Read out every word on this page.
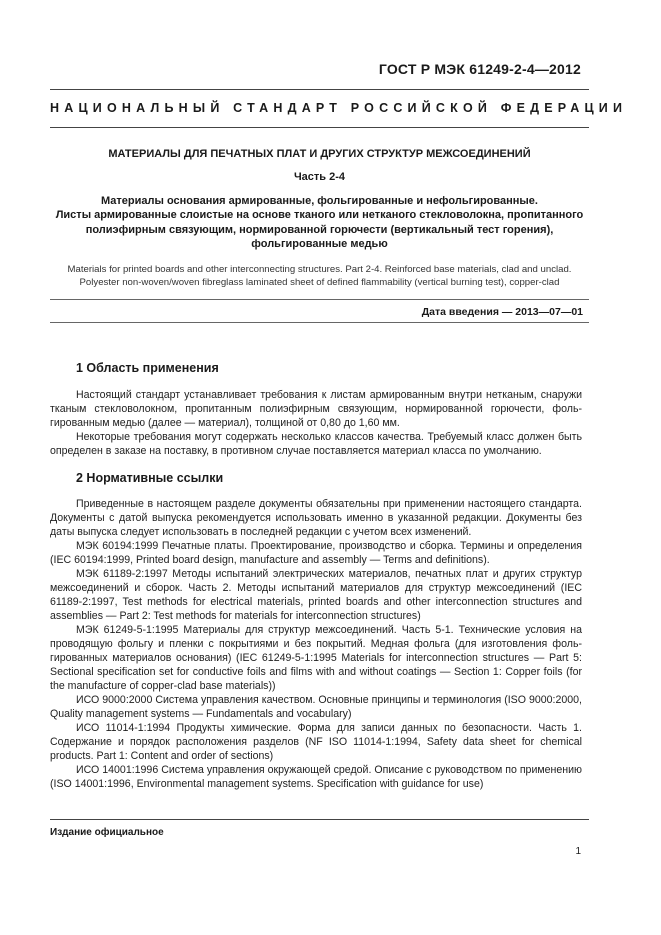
ГОСТ Р МЭК 61249-2-4—2012
НАЦИОНАЛЬНЫЙ СТАНДАРТ РОССИЙСКОЙ ФЕДЕРАЦИИ
МАТЕРИАЛЫ ДЛЯ ПЕЧАТНЫХ ПЛАТ И ДРУГИХ СТРУКТУР МЕЖСОЕДИНЕНИЙ
Часть 2-4
Материалы основания армированные, фольгированные и нефольгированные.
Листы армированные слоистые на основе тканого или нетканого стекловолокна, пропитанного
полиэфирным связующим, нормированной горючести (вертикальный тест горения),
фольгированные медью
Materials for printed boards and other interconnecting structures. Part 2-4. Reinforced base materials, clad and unclad.
Polyester non-woven/woven fibreglass laminated sheet of defined flammability (vertical burning test), copper-clad
Дата введения — 2013—07—01
1 Область применения

Настоящий стандарт устанавливает требования к листам армированным внутри нетканым, снаружи тканым стекловолокном, пропитанным полиэфирным связующим, нормированной горючести, фольгированным медью (далее — материал), толщиной от 0,80 до 1,60 мм.

Некоторые требования могут содержать несколько классов качества. Требуемый класс должен быть определен в заказе на поставку, в противном случае поставляется материал класса по умолчанию.

2 Нормативные ссылки

Приведенные в настоящем разделе документы обязательны при применении настоящего стандарта. Документы с датой выпуска рекомендуется использовать именно в указанной редакции. Документы без даты выпуска следует использовать в последней редакции с учетом всех изменений.

МЭК 60194:1999 Печатные платы. Проектирование, производство и сборка. Термины и определения (IEC 60194:1999, Printed board design, manufacture and assembly — Terms and definitions).

МЭК 61189-2:1997 Методы испытаний электрических материалов, печатных плат и других структур межсоединений и сборок. Часть 2. Методы испытаний материалов для структур межсоединений (IEC 61189-2:1997, Test methods for electrical materials, printed boards and other interconnection structures and assemblies — Part 2: Test methods for materials for interconnection structures)

МЭК 61249-5-1:1995 Материалы для структур межсоединений. Часть 5-1. Технические условия на проводящую фольгу и пленки с покрытиями и без покрытий. Медная фольга (для изготовления фольгированных материалов основания) (IEC 61249-5-1:1995 Materials for interconnection structures — Part 5: Sectional specification set for conductive foils and films with and without coatings — Section 1: Copper foils (for the manufacture of copper-clad base materials))

ИСО 9000:2000 Система управления качеством. Основные принципы и терминология (ISO 9000:2000, Quality management systems — Fundamentals and vocabulary)

ИСО 11014-1:1994 Продукты химические. Форма для записи данных по безопасности. Часть 1. Содержание и порядок расположения разделов (NF ISO 11014-1:1994, Safety data sheet for chemical products. Part 1: Content and order of sections)

ИСО 14001:1996 Система управления окружающей средой. Описание с руководством по применению (ISO 14001:1996, Environmental management systems. Specification with guidance for use)

Издание официальное
1
